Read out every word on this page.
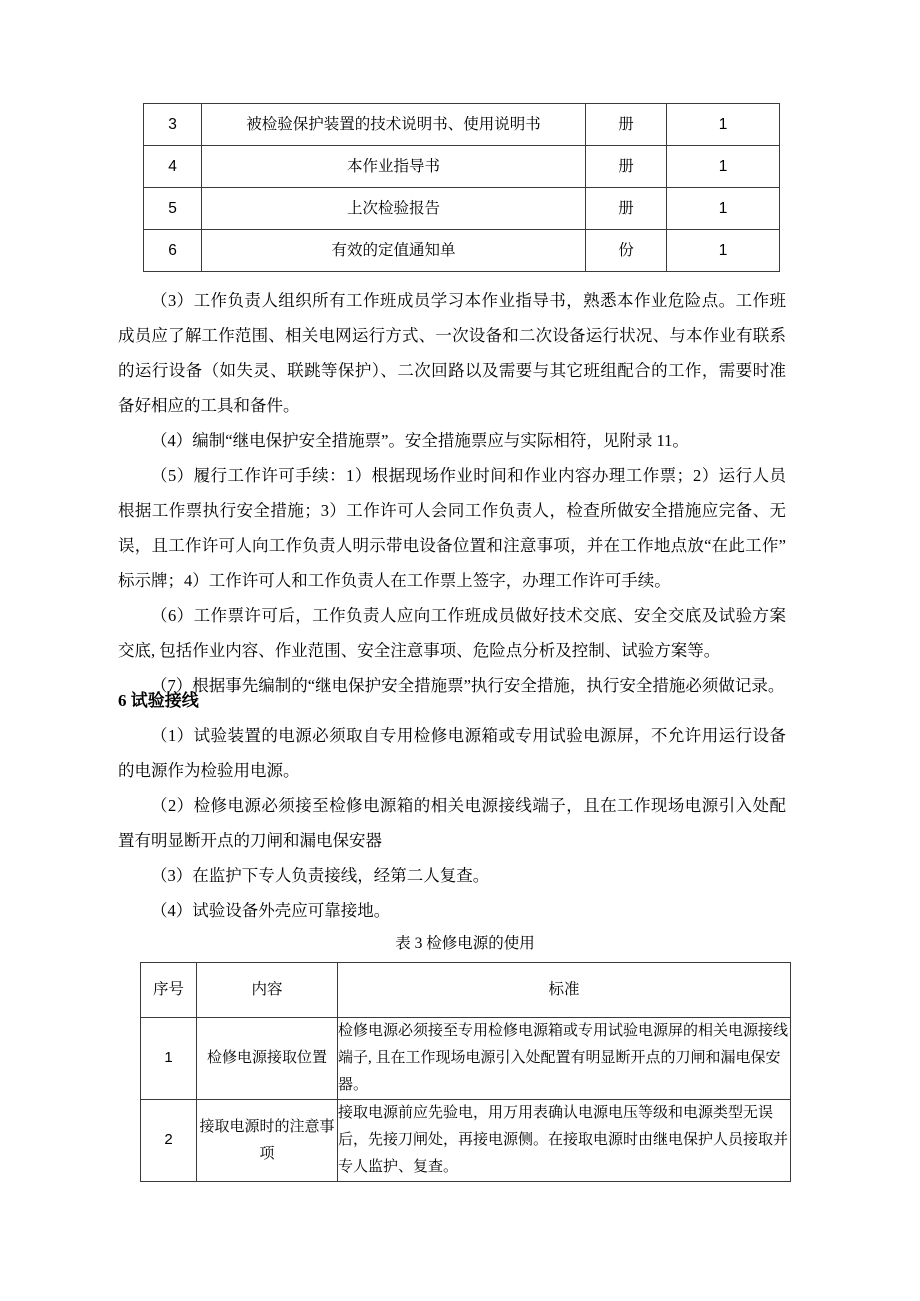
3	被检验保护装置的技术说明书、使用说明书	册	1
4	本作业指导书	册	1
5	上次检验报告	册	1
6	有效的定值通知单	份	1

（3）工作负责人组织所有工作班成员学习本作业指导书，熟悉本作业危险点。工作班成员应了解工作范围、相关电网运行方式、一次设备和二次设备运行状况、与本作业有联系的运行设备（如失灵、联跳等保护）、二次回路以及需要与其它班组配合的工作，需要时准备好相应的工具和备件。

（4）编制“继电保护安全措施票”。安全措施票应与实际相符，见附录 11。

（5）履行工作许可手续：1）根据现场作业时间和作业内容办理工作票；2）运行人员根据工作票执行安全措施；3）工作许可人会同工作负责人，检查所做安全措施应完备、无误，且工作许可人向工作负责人明示带电设备位置和注意事项，并在工作地点放“在此工作”标示牌；4）工作许可人和工作负责人在工作票上签字，办理工作许可手续。

（6）工作票许可后，工作负责人应向工作班成员做好技术交底、安全交底及试验方案交底, 包括作业内容、作业范围、安全注意事项、危险点分析及控制、试验方案等。

（7）根据事先编制的“继电保护安全措施票”执行安全措施，执行安全措施必须做记录。

6 试验接线

（1）试验装置的电源必须取自专用检修电源箱或专用试验电源屏，不允许用运行设备的电源作为检验用电源。

（2）检修电源必须接至检修电源箱的相关电源接线端子，且在工作现场电源引入处配置有明显断开点的刀闸和漏电保安器

（3）在监护下专人负责接线，经第二人复查。

（4）试验设备外壳应可靠接地。

表 3 检修电源的使用
序号	内容	标准
1	检修电源接取位置	检修电源必须接至专用检修电源箱或专用试验电源屏的相关电源接线端子, 且在工作现场电源引入处配置有明显断开点的刀闸和漏电保安器。
2	接取电源时的注意事项	接取电源前应先验电，用万用表确认电源电压等级和电源类型无误后，先接刀闸处，再接电源侧。在接取电源时由继电保护人员接取并专人监护、复查。
